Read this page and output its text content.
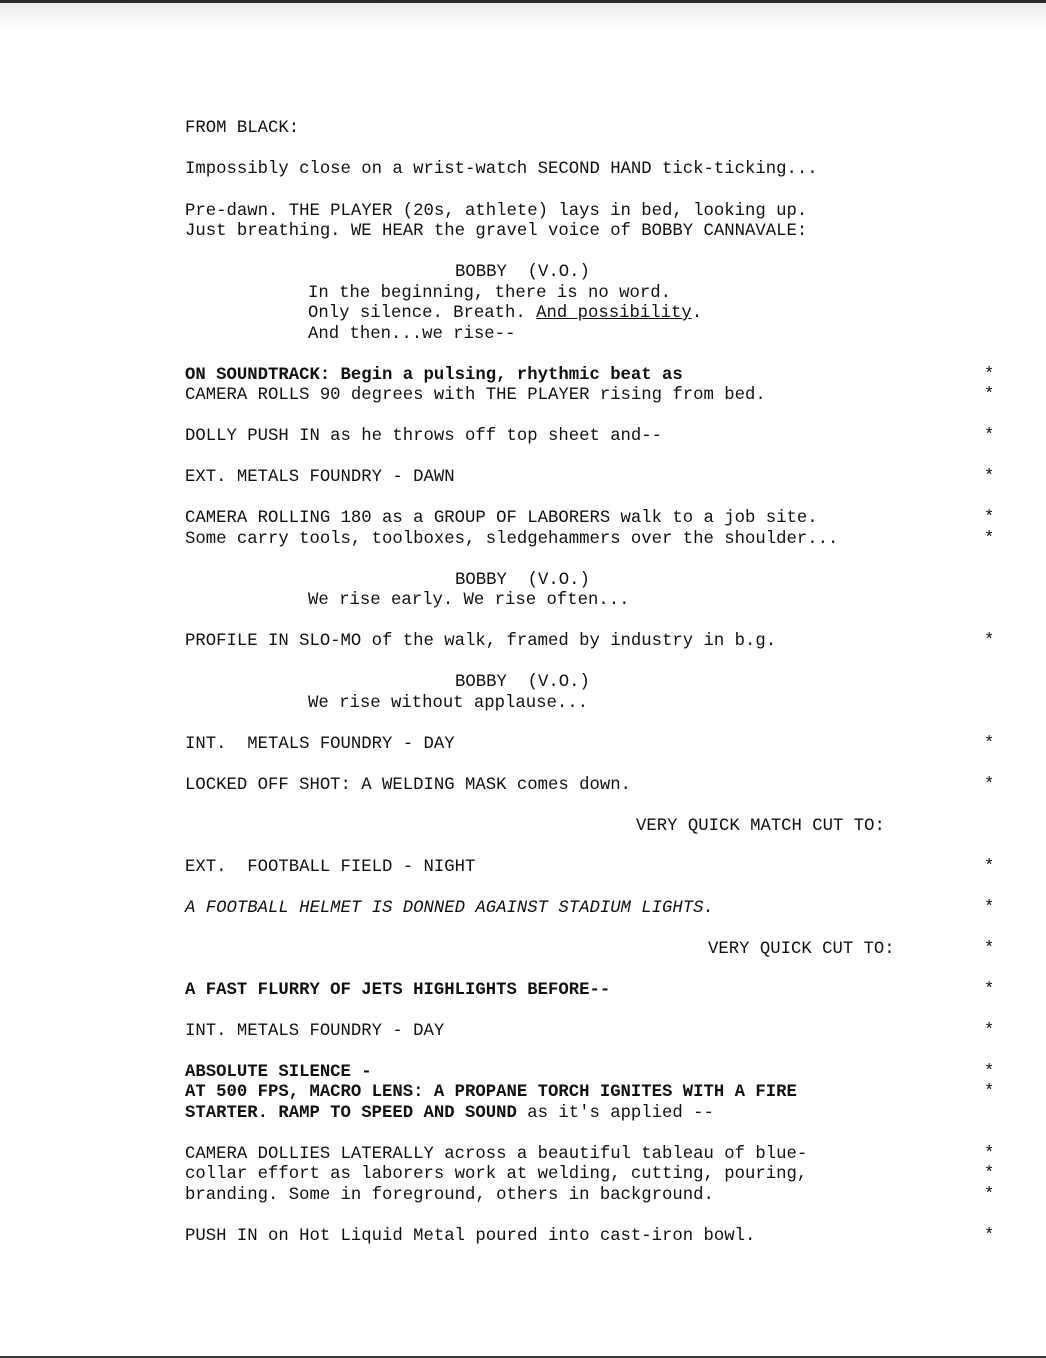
FROM BLACK:
Impossibly close on a wrist-watch SECOND HAND tick-ticking...
Pre-dawn. THE PLAYER (20s, athlete) lays in bed, looking up.
Just breathing. WE HEAR the gravel voice of BOBBY CANNAVALE:
BOBBY  (V.O.)
In the beginning, there is no word.
Only silence. Breath. And possibility.
And then...we rise--
ON SOUNDTRACK: Begin a pulsing, rhythmic beat as	*
CAMERA ROLLS 90 degrees with THE PLAYER rising from bed.	*
DOLLY PUSH IN as he throws off top sheet and--	*
EXT. METALS FOUNDRY - DAWN	*
CAMERA ROLLING 180 as a GROUP OF LABORERS walk to a job site.	*
Some carry tools, toolboxes, sledgehammers over the shoulder...	*
BOBBY  (V.O.)
We rise early. We rise often...
PROFILE IN SLO-MO of the walk, framed by industry in b.g.	*
BOBBY  (V.O.)
We rise without applause...
INT.  METALS FOUNDRY - DAY	*
LOCKED OFF SHOT: A WELDING MASK comes down.	*
VERY QUICK MATCH CUT TO:
EXT.  FOOTBALL FIELD - NIGHT	*
A FOOTBALL HELMET IS DONNED AGAINST STADIUM LIGHTS.	*
VERY QUICK CUT TO:	*
A FAST FLURRY OF JETS HIGHLIGHTS BEFORE--	*
INT. METALS FOUNDRY - DAY	*
ABSOLUTE SILENCE -	*
AT 500 FPS, MACRO LENS: A PROPANE TORCH IGNITES WITH A FIRE	*
STARTER. RAMP TO SPEED AND SOUND as it's applied --
CAMERA DOLLIES LATERALLY across a beautiful tableau of blue-	*
collar effort as laborers work at welding, cutting, pouring,	*
branding. Some in foreground, others in background.	*
PUSH IN on Hot Liquid Metal poured into cast-iron bowl.	*
